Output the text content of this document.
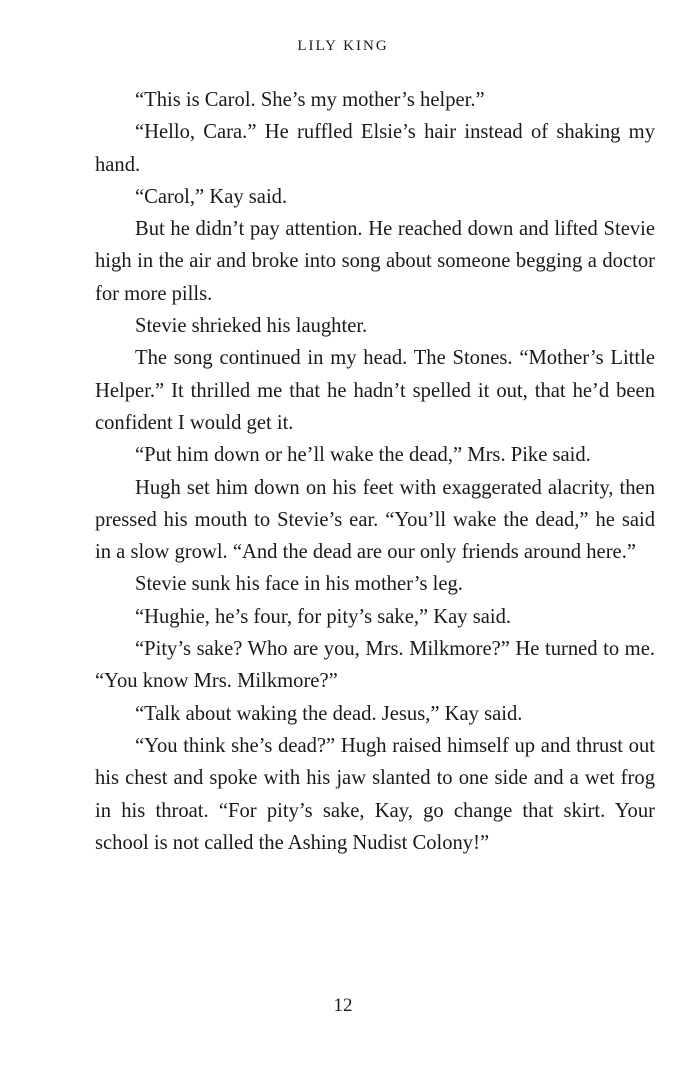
LILY KING

“This is Carol. She’s my mother’s helper.”

“Hello, Cara.” He ruffled Elsie’s hair instead of shaking my hand.

“Carol,” Kay said.

But he didn’t pay attention. He reached down and lifted Stevie high in the air and broke into song about someone begging a doctor for more pills.

Stevie shrieked his laughter.

The song continued in my head. The Stones. “Mother’s Little Helper.” It thrilled me that he hadn’t spelled it out, that he’d been confident I would get it.

“Put him down or he’ll wake the dead,” Mrs. Pike said.

Hugh set him down on his feet with exaggerated alacrity, then pressed his mouth to Stevie’s ear. “You’ll wake the dead,” he said in a slow growl. “And the dead are our only friends around here.”

Stevie sunk his face in his mother’s leg.

“Hughie, he’s four, for pity’s sake,” Kay said.

“Pity’s sake? Who are you, Mrs. Milkmore?” He turned to me. “You know Mrs. Milkmore?”

“Talk about waking the dead. Jesus,” Kay said.

“You think she’s dead?” Hugh raised himself up and thrust out his chest and spoke with his jaw slanted to one side and a wet frog in his throat. “For pity’s sake, Kay, go change that skirt. Your school is not called the Ashing Nudist Colony!”

12
